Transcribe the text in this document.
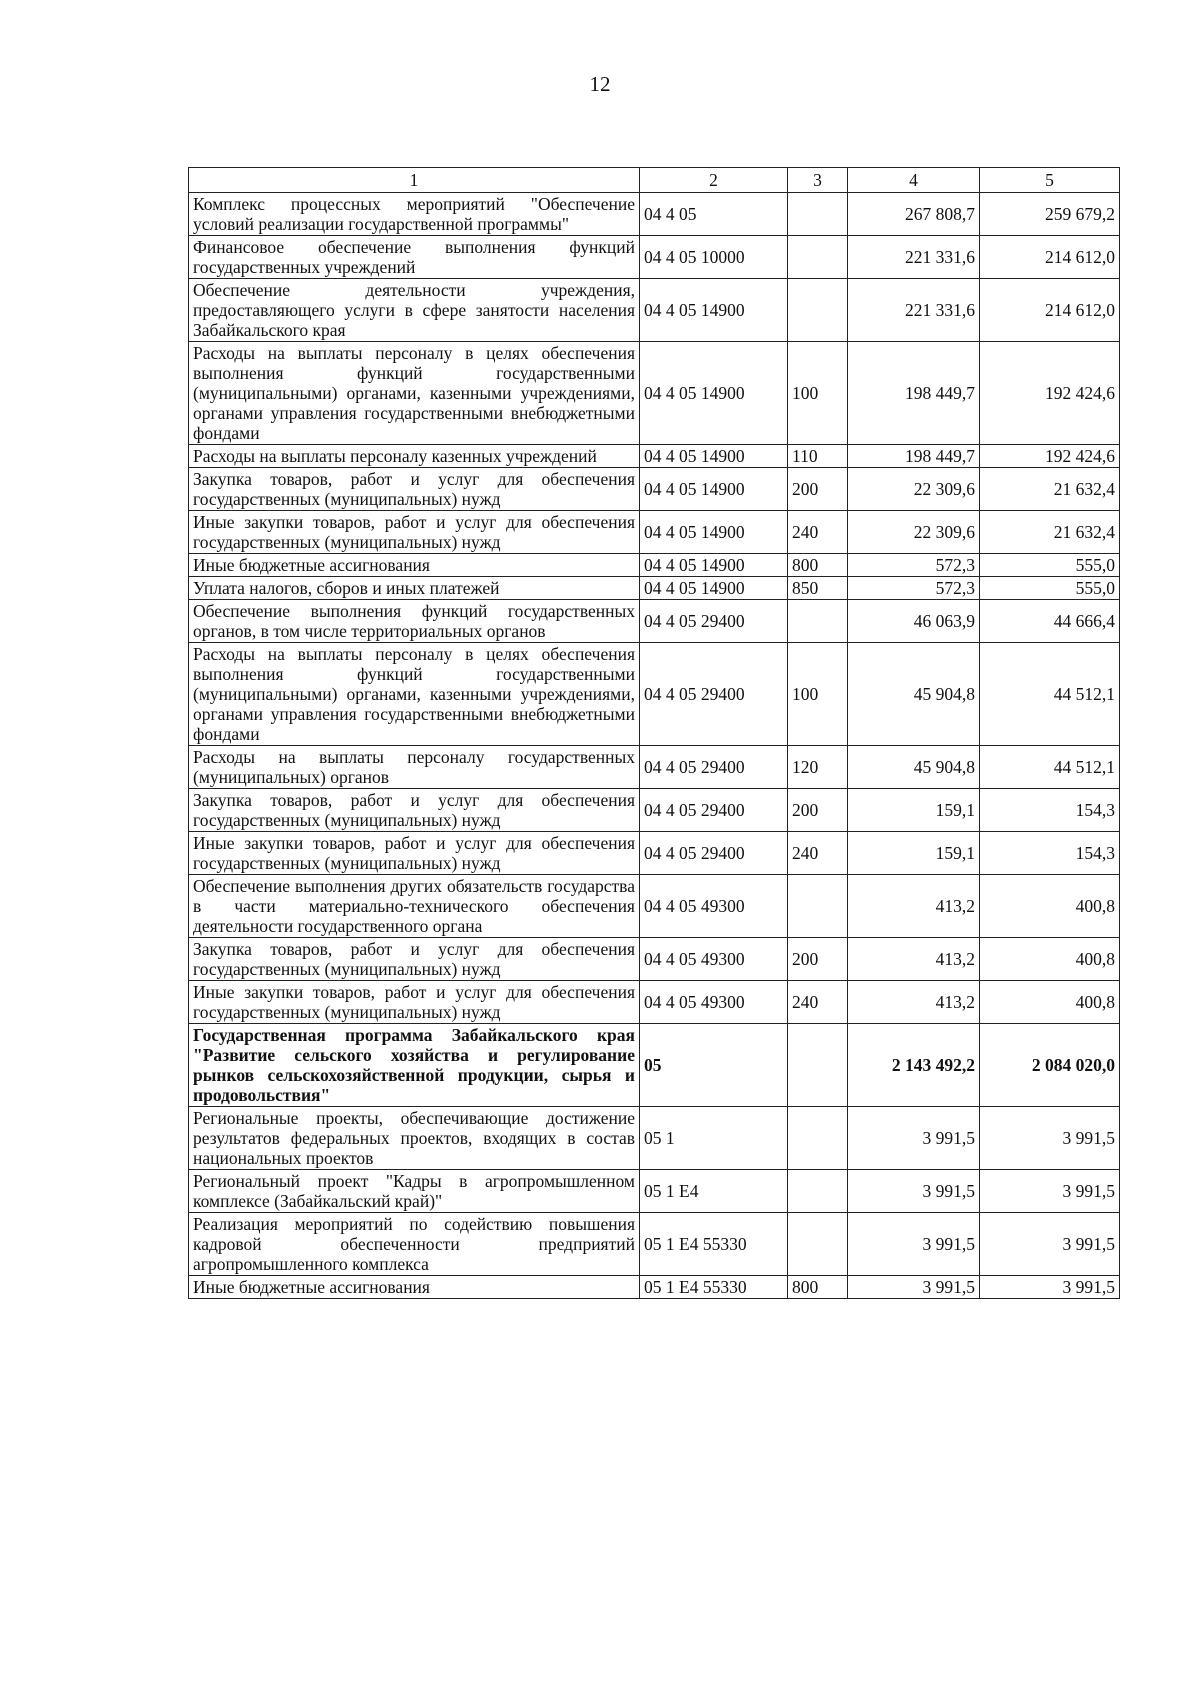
12
1	2	3	4	5
Комплекс процессных мероприятий "Обеспечение условий реализации государственной программы"	04 4 05		267 808,7	259 679,2
Финансовое обеспечение выполнения функций государственных учреждений	04 4 05 10000		221 331,6	214 612,0
Обеспечение деятельности учреждения, предоставляющего услуги в сфере занятости населения Забайкальского края	04 4 05 14900		221 331,6	214 612,0
Расходы на выплаты персоналу в целях обеспечения выполнения функций государственными (муниципальными) органами, казенными учреждениями, органами управления государственными внебюджетными фондами	04 4 05 14900	100	198 449,7	192 424,6
Расходы на выплаты персоналу казенных учреждений	04 4 05 14900	110	198 449,7	192 424,6
Закупка товаров, работ и услуг для обеспечения государственных (муниципальных) нужд	04 4 05 14900	200	22 309,6	21 632,4
Иные закупки товаров, работ и услуг для обеспечения государственных (муниципальных) нужд	04 4 05 14900	240	22 309,6	21 632,4
Иные бюджетные ассигнования	04 4 05 14900	800	572,3	555,0
Уплата налогов, сборов и иных платежей	04 4 05 14900	850	572,3	555,0
Обеспечение выполнения функций государственных органов, в том числе территориальных органов	04 4 05 29400		46 063,9	44 666,4
Расходы на выплаты персоналу в целях обеспечения выполнения функций государственными (муниципальными) органами, казенными учреждениями, органами управления государственными внебюджетными фондами	04 4 05 29400	100	45 904,8	44 512,1
Расходы на выплаты персоналу государственных (муниципальных) органов	04 4 05 29400	120	45 904,8	44 512,1
Закупка товаров, работ и услуг для обеспечения государственных (муниципальных) нужд	04 4 05 29400	200	159,1	154,3
Иные закупки товаров, работ и услуг для обеспечения государственных (муниципальных) нужд	04 4 05 29400	240	159,1	154,3
Обеспечение выполнения других обязательств государства в части материально-технического обеспечения деятельности государственного органа	04 4 05 49300		413,2	400,8
Закупка товаров, работ и услуг для обеспечения государственных (муниципальных) нужд	04 4 05 49300	200	413,2	400,8
Иные закупки товаров, работ и услуг для обеспечения государственных (муниципальных) нужд	04 4 05 49300	240	413,2	400,8
Государственная программа Забайкальского края "Развитие сельского хозяйства и регулирование рынков сельскохозяйственной продукции, сырья и продовольствия"	05		2 143 492,2	2 084 020,0
Региональные проекты, обеспечивающие достижение результатов федеральных проектов, входящих в состав национальных проектов	05 1		3 991,5	3 991,5
Региональный проект "Кадры в агропромышленном комплексе (Забайкальский край)"	05 1 E4		3 991,5	3 991,5
Реализация мероприятий по содействию повышения кадровой обеспеченности предприятий агропромышленного комплекса	05 1 E4 55330		3 991,5	3 991,5
Иные бюджетные ассигнования	05 1 E4 55330	800	3 991,5	3 991,5
